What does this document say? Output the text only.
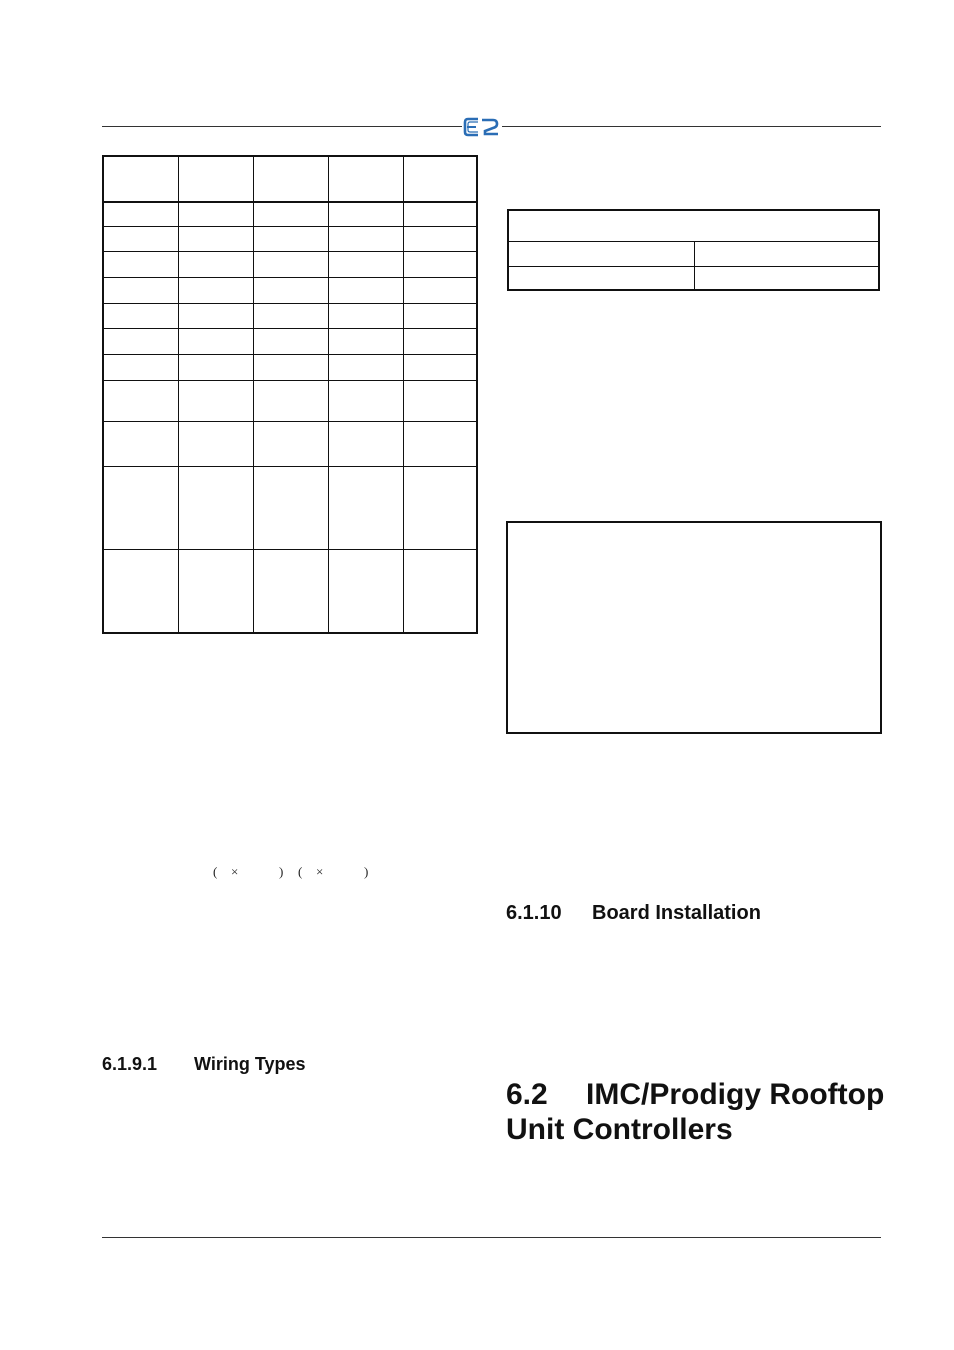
( ×	) ( ×	)
6.1.9.1 Wiring Types
6.1.10 Board Installation
6.2 IMC/Prodigy Rooftop Unit Controllers
